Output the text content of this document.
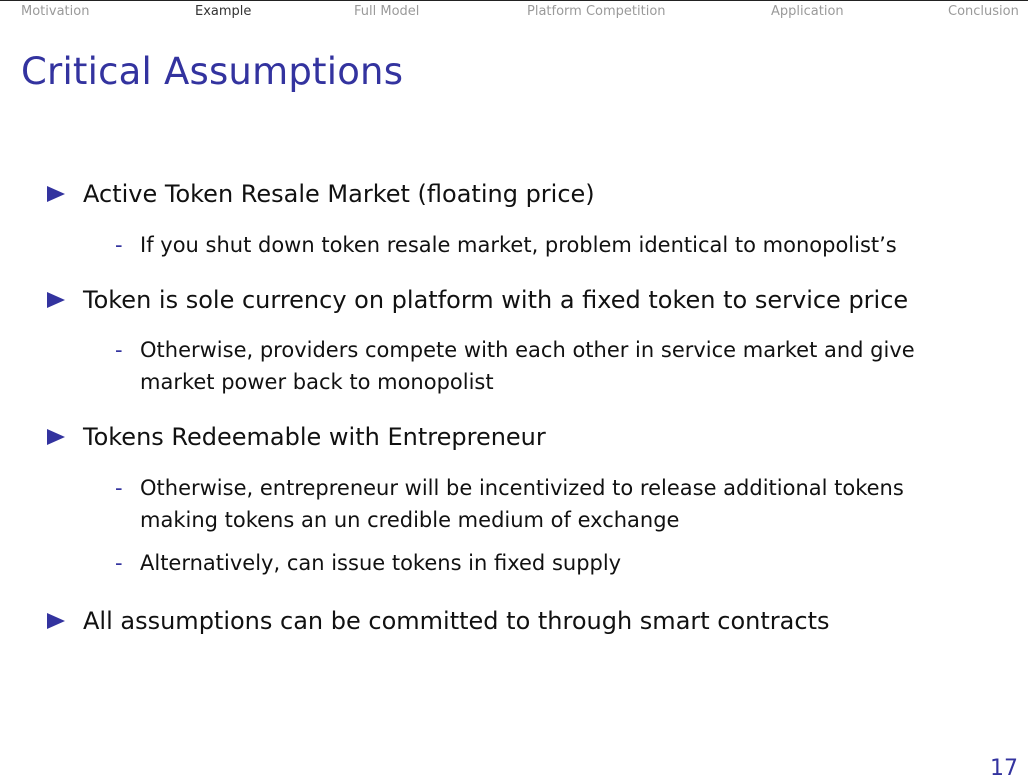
Motivation	Example	Full Model	Platform Competition	Application	Conclusion
Critical Assumptions
Active Token Resale Market (floating price)
- If you shut down token resale market, problem identical to monopolist’s
Token is sole currency on platform with a fixed token to service price
- Otherwise, providers compete with each other in service market and give
market power back to monopolist
Tokens Redeemable with Entrepreneur
- Otherwise, entrepreneur will be incentivized to release additional tokens
making tokens an un credible medium of exchange
- Alternatively, can issue tokens in fixed supply
All assumptions can be committed to through smart contracts
17
